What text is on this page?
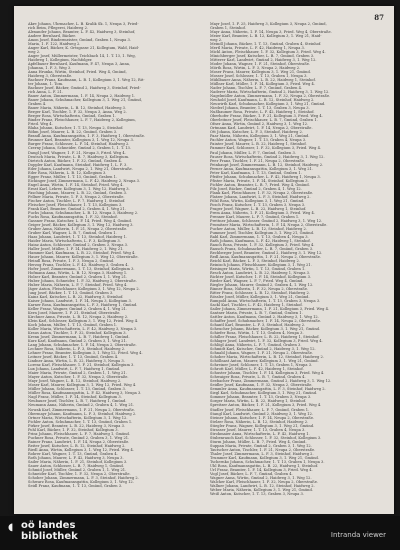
87
Akre Johann, Uhrmacher, L. B. Kralik Sk. 1, Neupa 3, Fried-
rich Beim, Pflegerei, Haidweg 2.
Alexander Johann, Beamter, L. F. 42, Haidweg 3, Steinhof,
Andere Bernhard, Bäcker.
Amon Josef, Bindermeister, Gmünd, Graben 1, Neupa 3.
Maria, 1. F. 122, Haidweg 2.
Anger Karl, Bäcker, K. Ortsgasse 21, Kollegium, Wald, Haid-
weg 2.
Anger Josef, Müllermeister, Teichbach 14, 1. T. 13, 1. Weg,
Haidweg 1, Kollegium, Nachfolger.
Apfelbauer Bernhard, Kaufmann, F. 47, Neupa 3, Anna,
Johanna, 1. F. 3, Weg 3.
Anna Hrunka, Wirtin, Steinhof, Fried. Weg 4, Gmünd,
Haidweg 3, Oberstraße.
Bachner Franz, Kaufmann, L. B. 1, Kollegium 3, 1. Weg 12, Rit-
ter Johann, 1. Tom.
Bachner Josef, Bäcker, Gmünd 2, Haidweg 3, Steinhof, Fried-
rich Anna, L. F. 21.
Bauer Anton, Zimmermann, 1. F. 14, Neupa 2, Haidweg 1.
Bauer Johann, Schuhmacher, Kollegium 3, 1. Weg 21, Gmünd,
Graben 4.
Bauer Maria, Näherin, L. B. 12, Steinhof, Haidweg 3.
Berger Karl, Tischler, 1. F. 32, Neupa 3, Anna, Weg 2.
Berger Rosa, Wirtschafterin, Gmünd, Graben 1.
Binder Franz, Fleischhauer, L. F. 7, Haidweg 2, Kollegium,
Fried. Weg 4.
Blaha Johann, Kutscher, 1. T. 13, Neupa 2, Steinhof.
Böhm Josef, Maurer, L. B. 22, Gmünd, Graben 3.
Brandl Anna, Kaufmannsgattin, 1. F. 3, Haidweg 1, Oberstraße.
Brunner Karl, Beamter, Kollegium 3, 1. Weg 12, Neupa 3.
Burger Franz, Schlosser, L. F. 14, Steinhof, Haidweg 2.
Czerny Johann, Schneider, Gmünd 2, Graben 1, 1. T. 13.
Dangl Josef, Wagner, 1. F. 21, Neupa 3, Fried. Weg 4.
Deutsch Maria, Private, L. B. 7, Haidweg 3, Kollegium.
Dietrich Anton, Bäcker, 1. F. 32, Gmünd, Graben 4.
Doppler Karl, Kaufmann, Steinhof, Haidweg 1, L. F. 3.
Eder Johann, Landwirt, Neupa 2, 1. Weg 21, Oberstraße.
Eder Rosa, Näherin, L. B. 12, Kollegium 3.
Egger Franz, Müller, 1. T. 13, Gmünd, Graben 1.
Eichinger Josef, Zimmermann, L. F. 42, Haidweg 2, Neupa 3.
Engel Anna, Wirtin, 1. F. 14, Steinhof, Fried. Weg 4.
Ernst Karl, Lehrer, Kollegium 3, 1. Weg 12, Haidweg 3.
Fasching Johann, Maurer, L. B. 22, Gmünd, Graben 3.
Fellner Maria, Private, 1. F. 3, Neupa 2, Oberstraße.
Fischer Anton, Tischler, L. F. 7, Haidweg 1, Steinhof.
Fleischer Josef, Fleischhauer, 1. T. 13, Kollegium 3.
Frank Karl, Beamter, Gmünd 2, Graben 4, 1. Weg 21.
Fuchs Johann, Schuhmacher, L. B. 12, Neupa 3, Haidweg 2.
Fuchs Rosa, Kaufmannsgattin, 1. F. 32, Steinhof.
Gassner Franz, Kutscher, L. F. 14, Fried. Weg 4, Gmünd.
Geiger Josef, Bäcker, Kollegium 3, 1. Weg 12, Haidweg 3.
Gruber Anna, Näherin, 1. F. 21, Neupa 2, Oberstraße.
Gruber Karl, Wagner, L. B. 7, Gmünd, Graben 1.
Haas Johann, Landwirt, 1. T. 13, Steinhof, Haidweg 1.
Haider Maria, Wirtschafterin, L. F. 3, Kollegium 3.
Hainz Anton, Schlosser, Gmünd 2, Graben 3, Neupa 3.
Haller Josef, Müller, 1. F. 14, Haidweg 2, 1. Weg 21.
Hammer Karl, Kaufmann, L. B. 22, Steinhof, Fried. Weg 4.
Hauer Johann, Maurer, Kollegium 3, 1. Weg 12, Oberstraße.
Heindl Rosa, Private, 1. F. 3, Neupa 2, Gmünd.
Herzog Franz, Tischler, L. F. 42, Haidweg 3, Graben 4.
Hofer Josef, Zimmermann, 1. T. 13, Steinhof, Kollegium 3.
Hofmann Anna, Wirtin, L. B. 12, Neupa 3, Haidweg 1.
Holzer Karl, Beamter, Gmünd 2, Graben 1, 1. Weg 21.
Huber Johann, Schneider, 1. F. 32, Haidweg 2, Oberstraße.
Huber Maria, Näherin, L. F. 7, Steinhof, Fried. Weg 4.
Jäger Anton, Fleischhauer, Kollegium 3, 1. Weg 12, Neupa 2.
Jung Josef, Bäcker, 1. T. 13, Gmünd, Graben 3.
Kainz Karl, Kutscher, L. B. 22, Haidweg 3, Steinhof.
Kaiser Johann, Landwirt, 1. F. 14, Neupa 3, Kollegium 3.
Karner Rosa, Kaufmannsgattin, L. F. 3, Haidweg 1, Gmünd.
Keller Franz, Wagner, Gmünd 2, Graben 4, 1. Weg 21.
Kern Josef, Maurer, 1. F. 21, Steinhof, Oberstraße.
Kirchner Anna, Private, L. B. 12, Neupa 2, Haidweg 2.
Klein Karl, Schlosser, Kollegium 3, 1. Weg 12, Fried. Weg 4.
Koch Johann, Müller, 1. T. 13, Gmünd, Graben 1.
Koller Maria, Wirtschafterin, L. F. 42, Haidweg 3, Neupa 3.
Kraus Anton, Tischler, 1. F. 32, Steinhof, Kollegium 3.
Krenn Josef, Zimmermann, L. B. 7, Haidweg 1, Gmünd.
Kurz Karl, Kaufmann, Gmünd 2, Graben 3, 1. Weg 21.
Lang Johann, Schuhmacher, 1. F. 14, Neupa 2, Oberstraße.
Lechner Rosa, Näherin, L. F. 3, Steinhof, Haidweg 2.
Lehner Franz, Beamter, Kollegium 3, 1. Weg 12, Fried. Weg 4.
Leitner Josef, Bäcker, 1. T. 13, Gmünd, Graben 4.
Lindner Anna, Wirtin, L. B. 22, Haidweg 3, Neupa 3.
Lorenz Karl, Fleischhauer, 1. F. 21, Steinhof, Kollegium 3.
Lux Johann, Landwirt, L. F. 7, Haidweg 1, Gmünd.
Maier Maria, Private, Gmünd 2, Graben 1, 1. Weg 21.
Mayer Anton, Kutscher, 1. F. 32, Neupa 2, Oberstraße.
Mayr Josef, Wagner, L. B. 12, Steinhof, Haidweg 2.
Moser Karl, Maurer, Kollegium 3, 1. Weg 12, Fried. Weg 4.
Müller Johann, Schlosser, 1. T. 13, Gmünd, Graben 3.
Müller Rosa, Kaufmannsgattin, L. F. 42, Haidweg 3, Neupa 3.
Nagl Franz, Müller, 1. F. 14, Steinhof, Kollegium 3.
Neubauer Josef, Tischler, L. B. 7, Haidweg 1, Gmünd.
Neumann Anna, Näherin, Gmünd 2, Graben 4, 1. Weg 21.
Nowak Karl, Zimmermann, 1. F. 21, Neupa 2, Oberstraße.
Obermayr Johann, Kaufmann, L. F. 3, Steinhof, Haidweg 2.
Ortner Maria, Wirtschafterin, Kollegium 3, 1. Weg 12.
Pichler Anton, Schuhmacher, 1. T. 13, Gmünd, Graben 1.
Pirker Josef, Beamter, L. B. 22, Haidweg 3, Neupa 3.
Pohl Karl, Bäcker, 1. F. 32, Steinhof, Kollegium 3.
Prinz Johann, Fleischhauer, L. F. 7, Haidweg 1, Gmünd.
Puchner Rosa, Private, Gmünd 2, Graben 3, 1. Weg 21.
Rainer Franz, Landwirt, 1. F. 14, Neupa 2, Oberstraße.
Reiter Josef, Kutscher, L. B. 12, Steinhof, Haidweg 2.
Riedl Anna, Wirtin, Kollegium 3, 1. Weg 12, Fried. Weg 4.
Rohrer Karl, Wagner, 1. T. 13, Gmünd, Graben 4.
Roth Johann, Maurer, L. F. 42, Haidweg 3, Neupa 3.
Sailer Maria, Näherin, 1. F. 21, Steinhof, Kollegium 3.
Sauer Anton, Schlosser, L. B. 7, Haidweg 1, Gmünd.
Schmid Josef, Müller, Gmünd 2, Graben 1, 1. Weg 21.
Schneider Karl, Tischler, 1. F. 32, Neupa 2, Oberstraße.
Schober Johann, Zimmermann, L. F. 3, Steinhof, Haidweg 2.
Schwarz Rosa, Kaufmannsgattin, Kollegium 3, 1. Weg 12.
Seidl Franz, Kaufmann, 1. T. 13, Gmünd, Graben 3.
Mayr Josef, 1. F. 25, Haidweg 3, Kollegium 3, Neupa 2, Gmünd,
Graben 1, Steinhof.
Mayr Anna, Näherin, 1. F. 14, Neupa 3, Fried. Weg 4, Oberstraße.
Meier Karl, Beamter, L. B. 12, Kollegium 3, 1. Weg 21, Haid-
weg 2.
Meindl Johann, Bäcker, 1. T. 13, Gmünd, Graben 4, Steinhof.
Mertl Maria, Private, L. F. 42, Haidweg 1, Neupa 3.
Michl Anton, Fleischhauer, 1. F. 32, Kollegium 3, Fried. Weg 4.
Minichberger Josef, Kutscher, L. B. 7, Gmünd, Graben 3.
Mitterer Karl, Landwirt, Gmünd 2, Haidweg 3, 1. Weg 12.
Moder Johann, Wagner, 1. F. 21, Steinhof, Oberstraße.
Mörth Rosa, Wirtin, L. F. 3, Neupa 2, Haidweg 2.
Moser Franz, Maurer, Kollegium 3, 1. Weg 21, Gmünd.
Mosser Josef, Schlosser, 1. T. 13, Graben 1, Neupa 3.
Mühlbauer Anna, Näherin, L. B. 22, Haidweg 1, Steinhof.
Müllner Karl, Müller, 1. F. 14, Kollegium 3, Fried. Weg 4.
Nader Johann, Tischler, L. F. 7, Gmünd, Graben 4.
Naderer Maria, Wirtschafterin, Gmünd 2, Haidweg 3, 1. Weg 12.
Nagelmüller Anton, Zimmermann, 1. F. 32, Neupa 2, Oberstraße.
Neuhold Josef, Kaufmann, L. B. 12, Steinhof, Haidweg 2.
Neuwirth Karl, Schuhmacher, Kollegium 3, 1. Weg 21, Gmünd.
Niederl Johann, Beamter, 1. T. 13, Graben 3, Neupa 3.
Nußbaumer Rosa, Private, L. F. 42, Haidweg 1, Steinhof.
Oberhofer Franz, Bäcker, 1. F. 21, Kollegium 3, Fried. Weg 4.
Oberleitner Josef, Fleischhauer, L. B. 7, Gmünd, Graben 1.
Ofner Anna, Wirtin, Gmünd 2, Haidweg 3, 1. Weg 12.
Ortmann Karl, Landwirt, 1. F. 14, Neupa 2, Oberstraße.
Ott Johann, Kutscher, L. F. 3, Steinhof, Haidweg 2.
Paar Maria, Näherin, Kollegium 3, 1. Weg 21, Gmünd.
Pachler Anton, Wagner, 1. T. 13, Graben 4, Neupa 3.
Painter Josef, Maurer, L. B. 22, Haidweg 1, Steinhof.
Pammer Karl, Schlosser, 1. F. 32, Kollegium 3, Fried. Weg 4.
Paul Johann, Müller, L. F. 7, Gmünd, Graben 3.
Pauser Rosa, Wirtschafterin, Gmünd 2, Haidweg 3, 1. Weg 12.
Peer Franz, Tischler, 1. F. 21, Neupa 2, Oberstraße.
Peinhaupt Josef, Zimmermann, L. B. 12, Steinhof, Haidweg 2.
Perner Anna, Kaufmannsgattin, Kollegium 3, 1. Weg 21.
Peter Karl, Kaufmann, 1. T. 13, Gmünd, Graben 1.
Pfeifer Johann, Schuhmacher, L. F. 42, Haidweg 1, Neupa 3.
Pfister Maria, Private, 1. F. 14, Steinhof, Kollegium 3.
Pichler Anton, Beamter, L. B. 7, Fried. Weg 4, Gmünd.
Pilz Josef, Bäcker, Gmünd 2, Graben 4, 1. Weg 12.
Plank Karl, Fleischhauer, 1. F. 32, Neupa 2, Oberstraße.
Platzer Johann, Landwirt, L. F. 3, Steinhof, Haidweg 2.
Pölzl Rosa, Wirtin, Kollegium 3, 1. Weg 21, Gmünd.
Posch Franz, Kutscher, 1. T. 13, Graben 3, Neupa 3.
Prager Josef, Wagner, L. B. 22, Haidweg 1, Steinhof.
Prem Anna, Näherin, 1. F. 21, Kollegium 3, Fried. Weg 4.
Prenner Karl, Maurer, L. F. 7, Gmünd, Graben 1.
Prettner Johann, Schlosser, Gmünd 2, Haidweg 3, 1. Weg 12.
Promitzer Maria, Wirtschafterin, 1. F. 14, Neupa 2, Oberstraße.
Pucher Anton, Müller, L. B. 12, Steinhof, Haidweg 2.
Pummer Josef, Tischler, Kollegium 3, 1. Weg 21, Gmünd.
Rabl Karl, Zimmermann, 1. T. 13, Graben 4, Neupa 3.
Rath Johann, Kaufmann, L. F. 42, Haidweg 1, Steinhof.
Rauch Rosa, Private, 1. F. 32, Kollegium 3, Fried. Weg 4.
Rausch Franz, Schuhmacher, L. B. 7, Gmünd, Graben 3.
Rechberger Josef, Beamter, Gmünd 2, Haidweg 3, 1. Weg 12.
Redl Anna, Kaufmannsgattin, 1. F. 21, Neupa 2, Oberstraße.
Reichl Karl, Bäcker, L. F. 3, Steinhof, Haidweg 2.
Reinisch Johann, Fleischhauer, Kollegium 3, 1. Weg 21.
Reisinger Maria, Wirtin, 1. T. 13, Gmünd, Graben 1.
Resch Anton, Landwirt, L. B. 22, Haidweg 1, Neupa 3.
Richter Josef, Kutscher, 1. F. 14, Steinhof, Kollegium 3.
Rieder Karl, Wagner, L. F. 7, Fried. Weg 4, Gmünd.
Riegler Johann, Maurer, Gmünd 2, Graben 4, 1. Weg 12.
Rinner Rosa, Näherin, 1. F. 32, Neupa 2, Oberstraße.
Ritter Franz, Schlosser, L. B. 12, Steinhof, Haidweg 2.
Rössler Josef, Müller, Kollegium 3, 1. Weg 21, Gmünd.
Rumpold Anna, Wirtschafterin, 1. T. 13, Graben 3, Neupa 3.
Sackl Karl, Tischler, L. F. 42, Haidweg 1, Steinhof.
Sailer Johann, Zimmermann, 1. F. 21, Kollegium 3, Fried. Weg 4.
Santner Maria, Private, L. B. 7, Gmünd, Graben 1.
Sattler Anton, Kaufmann, Gmünd 2, Haidweg 3, 1. Weg 12.
Schaffer Josef, Schuhmacher, 1. F. 14, Neupa 2, Oberstraße.
Schantl Karl, Beamter, L. F. 3, Steinhof, Haidweg 2.
Scheucher Johann, Bäcker, Kollegium 3, 1. Weg 21, Gmünd.
Schiefer Rosa, Wirtin, 1. T. 13, Graben 4, Neupa 3.
Schiller Franz, Fleischhauer, L. B. 22, Haidweg 1, Steinhof.
Schlager Josef, Landwirt, 1. F. 32, Kollegium 3, Fried. Weg 4.
Schlögl Anna, Näherin, L. F. 7, Gmünd, Graben 3.
Schmidt Karl, Kutscher, Gmünd 2, Haidweg 3, 1. Weg 12.
Schnabl Johann, Wagner, 1. F. 21, Neupa 2, Oberstraße.
Schober Maria, Wirtschafterin, L. B. 12, Steinhof, Haidweg 2.
Schöllnast Anton, Maurer, Kollegium 3, 1. Weg 21, Gmünd.
Schreiner Josef, Schlosser, 1. T. 13, Graben 1, Neupa 3.
Schrott Karl, Müller, L. F. 42, Haidweg 1, Steinhof.
Schuster Johann, Tischler, 1. F. 14, Kollegium 3, Fried. Weg 4.
Schwaiger Rosa, Private, L. B. 7, Gmünd, Graben 4.
Seebacher Franz, Zimmermann, Gmünd 2, Haidweg 3, 1. Weg 12.
Seidler Josef, Kaufmann, 1. F. 32, Neupa 2, Oberstraße.
Semmler Anna, Kaufmannsgattin, L. F. 3, Steinhof, Haidweg 2.
Siegl Karl, Schuhmacher, Kollegium 3, 1. Weg 21, Gmünd.
Sommer Johann, Beamter, 1. T. 13, Graben 3, Neupa 3.
Sorger Maria, Wirtin, L. B. 22, Haidweg 1, Steinhof.
Spreitzer Anton, Bäcker, 1. F. 21, Kollegium 3, Fried. Weg 4.
Stadler Josef, Fleischhauer, L. F. 7, Gmünd, Graben 1.
Stangl Karl, Landwirt, Gmünd 2, Haidweg 3, 1. Weg 12.
Steiner Johann, Kutscher, 1. F. 14, Neupa 2, Oberstraße.
Stelzer Rosa, Näherin, L. B. 12, Steinhof, Haidweg 2.
Stiegler Franz, Wagner, Kollegium 3, 1. Weg 21, Gmünd.
Strasser Josef, Maurer, 1. T. 13, Graben 4, Neupa 3.
Strohmaier Anna, Wirtschafterin, L. F. 42, Haidweg 1.
Stubenrauch Karl, Schlosser, 1. F. 32, Steinhof, Kollegium 3.
Sturm Johann, Müller, L. B. 7, Fried. Weg 4, Gmünd.
Suppan Maria, Private, Gmünd 2, Graben 3, 1. Weg 12.
Tautscher Anton, Tischler, 1. F. 21, Neupa 2, Oberstraße.
Thaler Josef, Zimmermann, L. F. 3, Steinhof, Haidweg 2.
Trummer Karl, Kaufmann, Kollegium 3, 1. Weg 21, Gmünd.
Tschernko Johann, Schuhmacher, 1. T. 13, Graben 1, Neupa 3.
Uhl Rosa, Kaufmannsgattin, L. B. 22, Haidweg 1, Steinhof.
Url Franz, Beamter, 1. F. 14, Kollegium 3, Fried. Weg 4.
Vogl Josef, Bäcker, L. F. 7, Gmünd, Graben 4.
Wagner Anna, Wirtin, Gmünd 2, Haidweg 3, 1. Weg 12.
Walcher Karl, Fleischhauer, 1. F. 32, Neupa 2, Oberstraße.
Wallner Johann, Landwirt, L. B. 12, Steinhof, Haidweg 2.
Weber Maria, Näherin, Kollegium 3, 1. Weg 21, Gmünd.
Weiß Anton, Kutscher, 1. T. 13, Graben 3, Neupa 3.
◖ oö landes
bibliothek	Intranda viewer
